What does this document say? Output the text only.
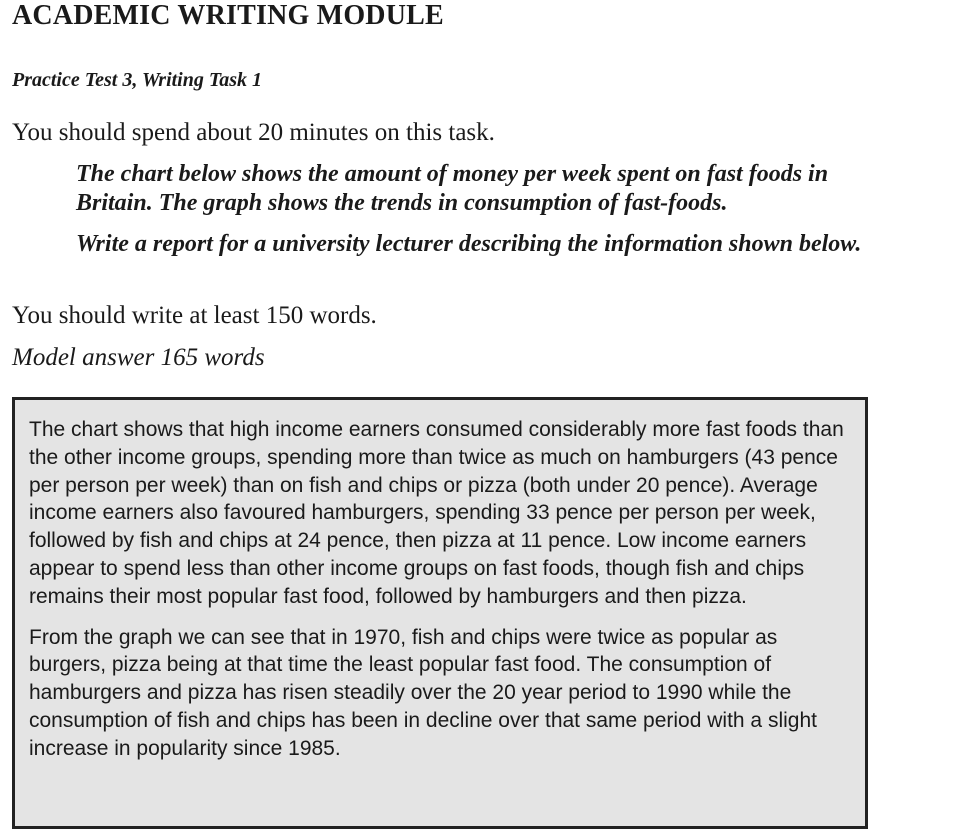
ACADEMIC WRITING MODULE
Practice Test 3, Writing Task 1
You should spend about 20 minutes on this task.

The chart below shows the amount of money per week spent on fast foods in Britain. The graph shows the trends in consumption of fast-foods.

Write a report for a university lecturer describing the information shown below.

You should write at least 150 words.
Model answer 165 words

The chart shows that high income earners consumed considerably more fast foods than the other income groups, spending more than twice as much on hamburgers (43 pence per person per week) than on fish and chips or pizza (both under 20 pence). Average income earners also favoured hamburgers, spending 33 pence per person per week, followed by fish and chips at 24 pence, then pizza at 11 pence. Low income earners appear to spend less than other income groups on fast foods, though fish and chips remains their most popular fast food, followed by hamburgers and then pizza.

From the graph we can see that in 1970, fish and chips were twice as popular as burgers, pizza being at that time the least popular fast food. The consumption of hamburgers and pizza has risen steadily over the 20 year period to 1990 while the consumption of fish and chips has been in decline over that same period with a slight increase in popularity since 1985.
